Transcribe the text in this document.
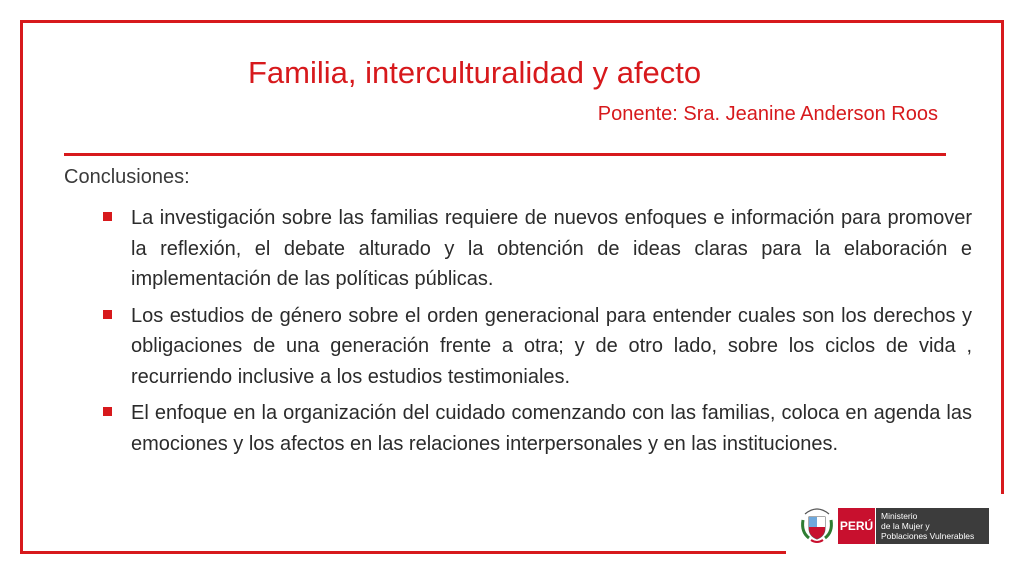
Familia, interculturalidad y afecto

Ponente: Sra. Jeanine Anderson Roos

Conclusiones:

La investigación sobre las familias requiere de nuevos enfoques e información para promover la reflexión, el debate alturado y la obtención de ideas claras para la elaboración e implementación de las políticas públicas.
Los estudios de género sobre el orden generacional para entender cuales son los derechos y obligaciones de una generación frente a otra; y de otro lado, sobre los ciclos de vida , recurriendo inclusive a los estudios testimoniales.
El enfoque en la organización del cuidado comenzando con las familias, coloca en agenda las emociones y los afectos en las relaciones interpersonales y en las instituciones.
PERÚ
Ministerio
de la Mujer y
Poblaciones Vulnerables
